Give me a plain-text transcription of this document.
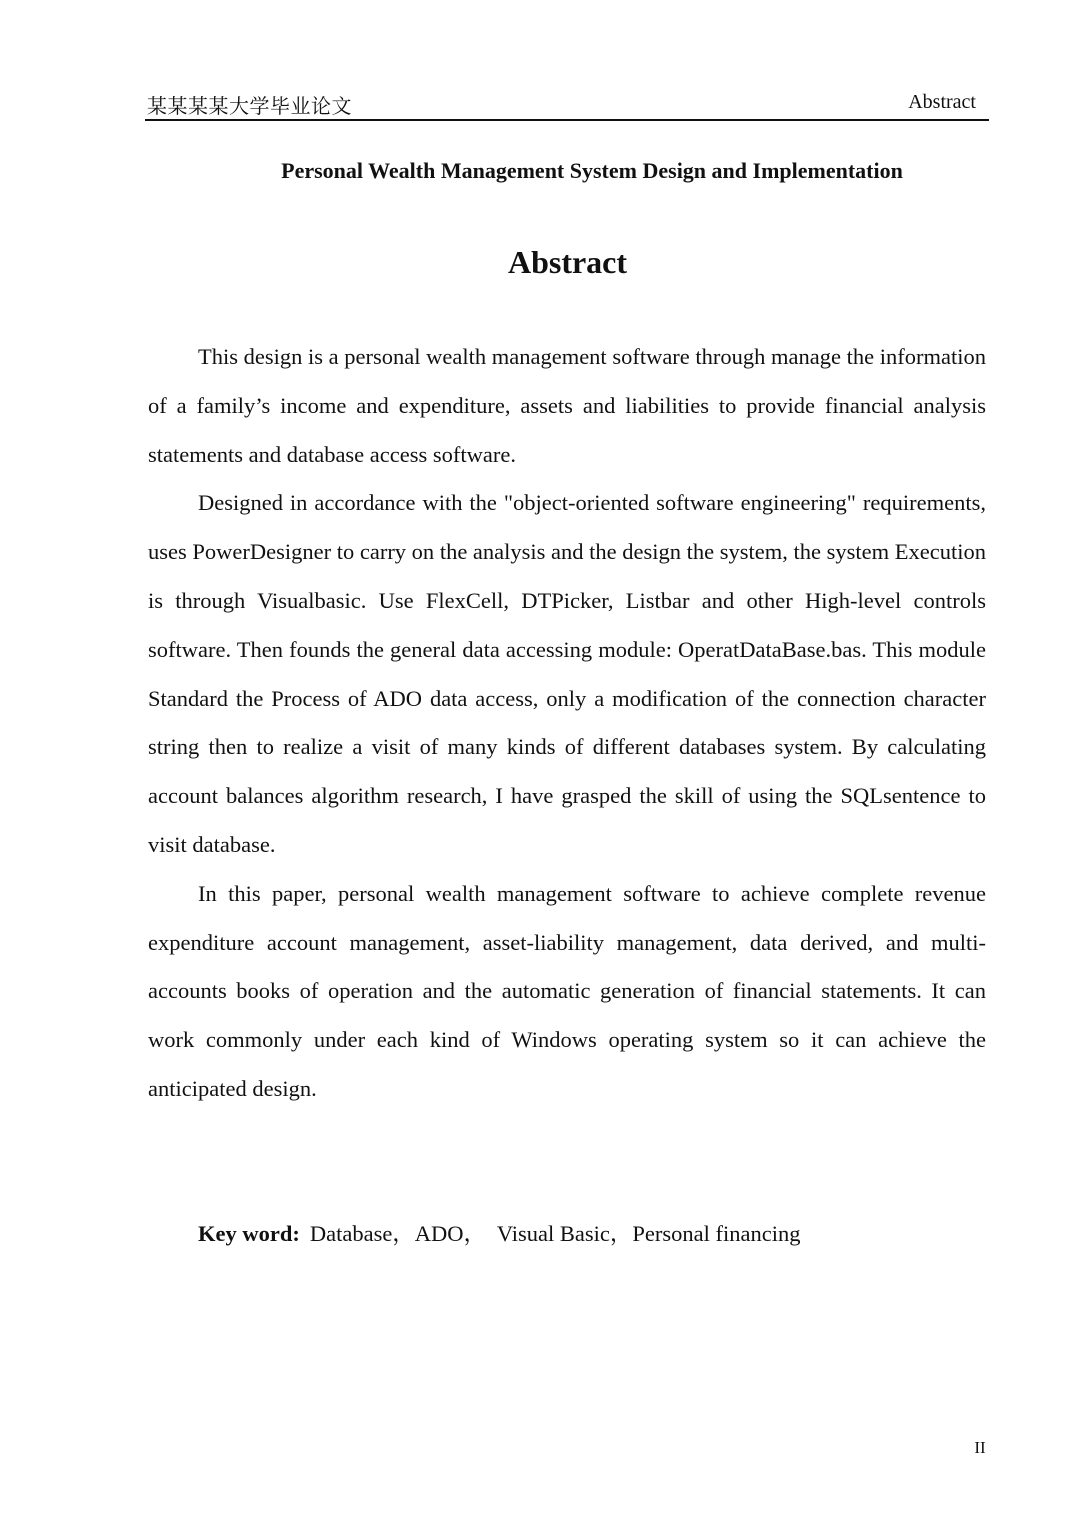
某某某某大学毕业论文	Abstract
Personal Wealth Management System Design and Implementation
Abstract

This design is a personal wealth management software through manage the information of a family’s income and expenditure, assets and liabilities to provide financial analysis statements and database access software.

Designed in accordance with the "object-oriented software engineering" requirements, uses PowerDesigner to carry on the analysis and the design the system, the system Execution is through Visualbasic. Use FlexCell, DTPicker, Listbar and other High-level controls software. Then founds the general data accessing module: OperatDataBase.bas. This module Standard the Process of ADO data access, only a modification of the connection character string then to realize a visit of many kinds of different databases system. By calculating account balances algorithm research, I have grasped the skill of using the SQLsentence to visit database.

In this paper, personal wealth management software to achieve complete revenue expenditure account management, asset-liability management, data derived, and multi-accounts books of operation and the automatic generation of financial statements. It can work commonly under each kind of Windows operating system so it can achieve the anticipated design.

Key word: Database，ADO，  Visual Basic，Personal financing
II
